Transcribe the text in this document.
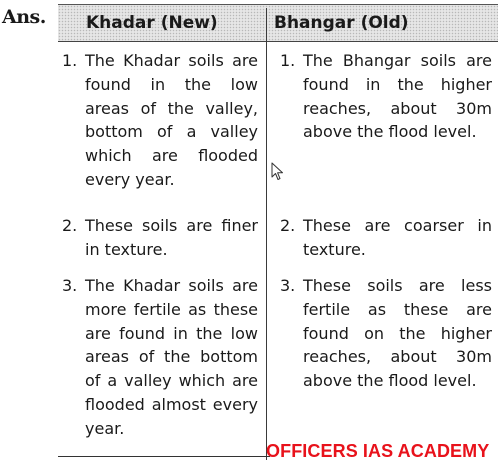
Ans. Khadar (New)	Bhangar (Old)
1. The Khadar soils are found in the low areas of the valley, bottom of a valley which are flooded every year.
1. The Bhangar soils are found in the higher reaches, about 30m above the flood level.
2. These soils are finer in texture.
2. These are coarser in texture.
3. The Khadar soils are more fertile as these are found in the low areas of the bottom of a valley which are flooded almost every year.
3. These soils are less fertile as these are found on the higher reaches, about 30m above the flood level.
OFFICERS IAS ACADEMY
